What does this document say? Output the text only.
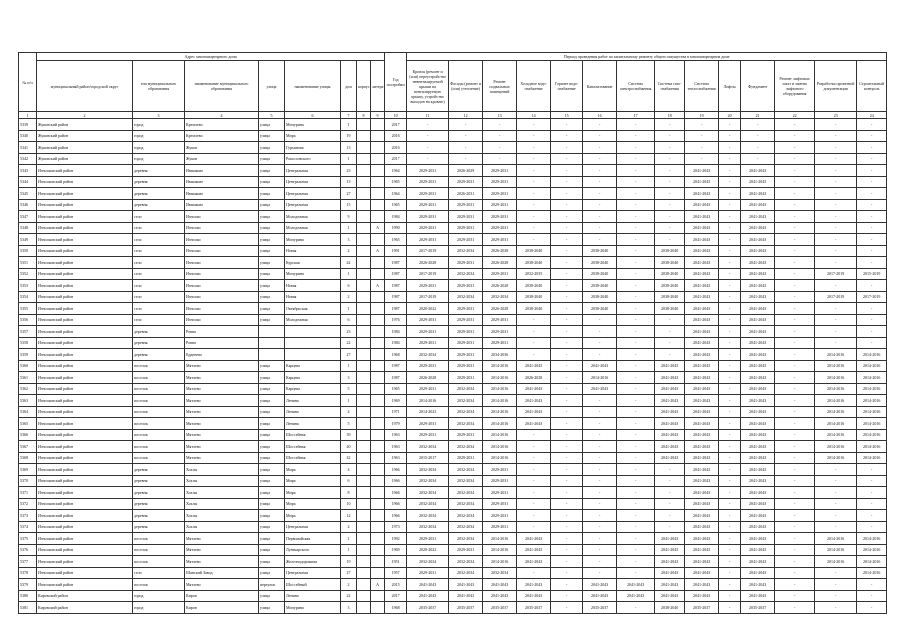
№ п/п	Адрес многоквартирного дома								Год постройки	Период проведения работ по капитальному ремонту общего имущества в многоквартирном доме													
	муниципальный район/городской округ	тип муниципального образования	наименование муниципального образования	улица	наименование улицы	дом	корпус	литера		Кровля (ремонт и (или) переустройство невентилируемой крыши на вентилируемую крышу, устройство выходов на кровлю)	Фасады (ремонт и (или) утепление)	Ремонт подвальных помещений	Холодное водо-снабжение	Горячее водо-снабжение	Канализование	Система электроснабжения	Система газо-снабжения	Система теплоснабжения	Лифты	Фундамент	Ремонт лифтовых шахт и замена лифтового оборудования	Разработка проектной документации	Строительный контроль
1	2	3	4	5	6	7	8	9	10	11	12	13	14	15	16	17	18	19	20	21	22	23	24
5339	Жуковский район	город	Кремлево	улица	Мичурина	1			2017	-	-	-	-	-	-	-	-	-	-	-	-	-	-
5340	Жуковский район	город	Кремлево	улица	Мира	19			2016	-	-	-	-	-	-	-	-	-	-	-	-	-	-
5341	Жуковский район	город	Жуков	улица	Гурьянова	13			2016	-	-	-	-	-	-	-	-	-	-	-	-	-	-
5342	Жуковский район	город	Жуков	улица	Рокоссовского	1			2017	-	-	-	-	-	-	-	-	-	-	-	-	-	-
5343	Износковский район	деревня	Ивашково	улица	Центральная	23			1964	2029-2031	2026-2029	2029-2031	-	-	-	-	-	2041-2043	-	2041-2043	-	-	-
5344	Износковский район	деревня	Ивашково	улица	Центральная	13			1965	2029-2031	2029-2031	2029-2031	-	-	-	-	-	2041-2043	-	2041-2043	-	-	-
5345	Износковский район	деревня	Ивашково	улица	Центральная	27			1964	2029-2031	2026-2031	2029-2031	-	-	-	-	-	2041-2043	-	2041-2043	-	-	-
5346	Износковский район	деревня	Ивашково	улица	Центральная	15			1965	2029-2031	2029-2031	2029-2031	-	-	-	-	-	2041-2043	-	2041-2043	-	-	-
5347	Износковский район	село	Износки	улица	Молодежная	9			1984	2029-2031	2029-2031	2029-2031	-	-	-	-	-	2041-2043	-	2041-2043	-	-	-
5348	Износковский район	село	Износки	улица	Молодежная	1		А	1990	2029-2031	2029-2031	2029-2031	-	-	-	-	-	2041-2043	-	2041-2043	-	-	-
5349	Износковский район	село	Износки	улица	Мичурина	3			1965	2029-2031	2029-2031	2029-2031	-	-	-	-	-	2041-2043	-	2041-2043	-	-	-
5350	Износковский район	село	Износки	улица	Новая	2		А	1991	2017-2019	2032-2034	2026-2028	2038-2040	-	2038-2040	-	2038-2040	2041-2043	-	2041-2043	-	-	-
5351	Износковский район	село	Износки	улица	Курская	42			1987	2026-2028	2029-2031	2026-2028	2038-2040	-	2038-2040	-	2038-2040	2041-2043	-	2041-2043	-	-	-
5352	Износковский район	село	Износки	улица	Мичурина	1			1987	2017-2019	2032-2034	2029-2031	2032-2035	-	2038-2040	-	2038-2040	2041-2043	-	2041-2043	-	2017-2019	2015-2019
5353	Износковский район	село	Износки	улица	Новая	6		А	1987	2029-2031	2029-2031	2026-2028	2038-2040	-	2038-2040	-	2038-2040	2041-2043	-	2041-2043	-	-	-
5354	Износковский район	село	Износки	улица	Новая	2			1987	2017-2019	2032-2034	2032-2034	2038-2040	-	2038-2040	-	2038-2040	2041-2043	-	2041-2043	-	2017-2019	2017-2019
5355	Износковский район	село	Износки	улица	Октябрьская	1			1987	2020-2022	2029-2031	2026-2028	2038-2040	-	2038-2040	-	2038-2040	2041-2043	-	2041-2043	-	-	-
5356	Износковский район	село	Износки	улица	Молодежная	6			1976	2029-2031	2029-2031	2029-2031	-	-	-	-	-	2041-2043	-	2041-2043	-	-	-
5357	Износковский район	деревня	Ровна			23			1984	2029-2031	2029-2031	2029-2031	-	-	-	-	-	2041-2043	-	2041-2043	-	-	-
5358	Износковский район	деревня	Ровна			22			1984	2029-2031	2029-2031	2029-2031	-	-	-	-	-	2041-2043	-	2041-2043	-	-	-
5359	Износковский район	деревня	Ерденево			27			1968	2032-2034	2029-2031	2034-2036	-	-	-	-	-	2041-2043	-	2041-2043	-	2014-2016	2014-2016
5360	Износковский район	поселок	Мятлево	улица	Карцева	1			1987	2029-2031	2029-2031	2014-2016	2041-2043	-	2041-2043	-	2041-2043	2041-2043	-	2041-2043	-	2014-2016	2014-2016
5361	Износковский район	поселок	Мятлево	улица	Карцева	3			1987	2026-2028	2029-2031	2014-2016	2026-2028	-	2014-2016	-	2041-2043	2041-2043	-	2041-2043	-	2014-2016	2014-2016
5362	Износковский район	поселок	Мятлево	улица	Карцева	5			1965	2029-2031	2032-2034	2014-2016	2041-2043	-	2041-2043	-	2041-2043	2041-2043	-	2041-2043	-	2014-2016	2014-2016
5363	Износковский район	поселок	Мятлево	улица	Ленина	1			1969	2014-2016	2032-2034	2014-2016	2041-2043	-	-	-	2041-2043	2041-2043	-	2041-2043	-	2014-2016	2014-2016
5364	Износковский район	поселок	Мятлево	улица	Ленина	4			1971	2014-2023	2032-2034	2014-2016	2041-2043	-	-	-	2041-2043	2041-2043	-	2041-2043	-	2014-2016	2014-2016
5365	Износковский район	поселок	Мятлево	улица	Ленина	5			1979	2029-2031	2032-2034	2014-2016	2041-2043	-	-	-	2041-2043	2041-2043	-	2041-2043	-	2014-2016	2014-2016
5366	Износковский район	поселок	Мятлево	улица	Шоссейная	39			1963	2029-2031	2029-2031	2014-2016	-	-	-	-	2041-2043	2041-2043	-	2041-2043	-	2014-2016	2014-2016
5367	Износковский район	поселок	Мятлево	улица	Шоссейная	40			1963	2032-2034	2032-2034	2014-2016	-	-	-	-	2041-2043	2041-2043	-	2041-2043	-	2014-2016	2014-2016
5368	Износковский район	поселок	Мятлево	улица	Шоссейная	42			1963	2015-2017	2029-2031	2014-2016	-	-	-	-	2041-2043	2041-2043	-	2041-2043	-	2014-2016	2014-2016
5369	Износковский район	деревня	Хохлы	улица	Мира	4			1966	2032-2034	2032-2034	2029-2031	-	-	-	-	-	2041-2043	-	2041-2043	-	-	-
5370	Износковский район	деревня	Хохлы	улица	Мира	6			1966	2032-2034	2032-2034	2029-2031	-	-	-	-	-	2041-2043	-	2041-2043	-	-	-
5371	Износковский район	деревня	Хохлы	улица	Мира	8			1966	2032-2034	2032-2034	2029-2031	-	-	-	-	-	2041-2043	-	2041-2043	-	-	-
5372	Износковский район	деревня	Хохлы	улица	Мира	10			1966	2032-2034	2032-2034	2029-2031	-	-	-	-	-	2041-2043	-	2041-2043	-	-	-
5373	Износковский район	деревня	Хохлы	улица	Мира	12			1966	2032-2034	2032-2034	2029-2031	-	-	-	-	-	2041-2043	-	2041-2043	-	-	-
5374	Износковский район	деревня	Хохлы	улица	Центральная	2			1973	2032-2034	2032-2034	2029-2031	-	-	-	-	-	2041-2043	-	2041-2043	-	-	-
5375	Износковский район	поселок	Мятлево	улица	Первомайская	1			1992	2029-2031	2032-2034	2014-2016	2041-2043	-	-	-	2041-2043	2041-2043	-	2041-2043	-	2014-2016	2014-2016
5376	Износковский район	поселок	Мятлево	улица	Луначарского	1			1969	2020-2022	2029-2031	2014-2016	2041-2043	-	-	-	2041-2043	2041-2043	-	2041-2043	-	2014-2016	2014-2016
5377	Износковский район	поселок	Мятлево	улица	Железнодорожная	19			1951	2032-2034	2032-2034	2014-2016	2041-2043	-	-	-	2041-2043	2041-2043	-	2041-2043	-	2014-2016	2014-2016
5378	Износковский район	село	Шанский Завод	улица	Центральная	27			1957	2029-2031	2032-2034	2032-2034	-	-	-	-	2041-2043	2041-2043	-	2041-2043	-	-	2014-2016
5379	Износковский район	поселок	Мятлево	переулок	Шоссейный	2		А	2015	2041-2043	2041-2043	2041-2043	2041-2043	-	2041-2043	2041-2043	2041-2043	2041-2043	-	2041-2043	-	-	-
5380	Кировский район	город	Киров	улица	Ленина	22			2017	2041-2043	2041-2043	2041-2043	2041-2043	-	2041-2043	2041-2043	2041-2043	2041-2043	-	2041-2043	-	-	-
5381	Кировский район	город	Киров	улица	Мичурина	3			1968	2035-2037	2035-2037	2035-2037	2035-2037	-	2035-2037	-	2038-2040	2035-2037	-	2035-2037	-	-	-
